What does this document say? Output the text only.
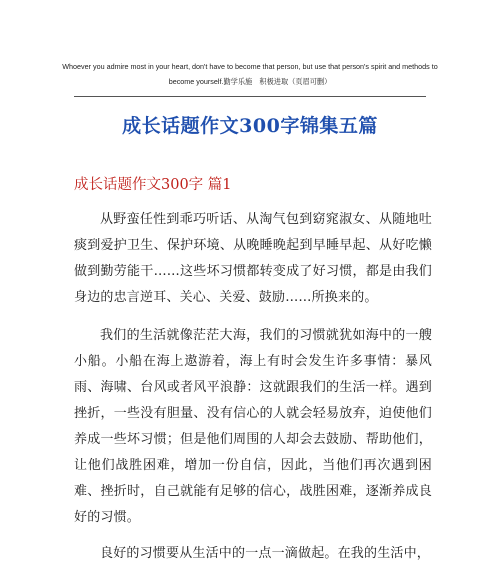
Whoever you admire most in your heart, don't have to become that person, but use that person's spirit and methods to become yourself.勤学乐施　积极进取（页眉可删）
成长话题作文300字锦集五篇
成长话题作文300字 篇1
从野蛮任性到乖巧听话、从淘气包到窈窕淑女、从随地吐痰到爱护卫生、保护环境、从晚睡晚起到早睡早起、从好吃懒做到勤劳能干……这些坏习惯都转变成了好习惯，都是由我们身边的忠言逆耳、关心、关爱、鼓励……所换来的。
我们的生活就像茫茫大海，我们的习惯就犹如海中的一艘小船。小船在海上遨游着，海上有时会发生许多事情：暴风雨、海啸、台风或者风平浪静：这就跟我们的生活一样。遇到挫折，一些没有胆量、没有信心的人就会轻易放弃，迫使他们养成一些坏习惯；但是他们周围的人却会去鼓励、帮助他们，让他们战胜困难，增加一份自信，因此，当他们再次遇到困难、挫折时，自己就能有足够的信心，战胜困难，逐渐养成良好的习惯。
良好的习惯要从生活中的一点一滴做起。在我的生活中，
